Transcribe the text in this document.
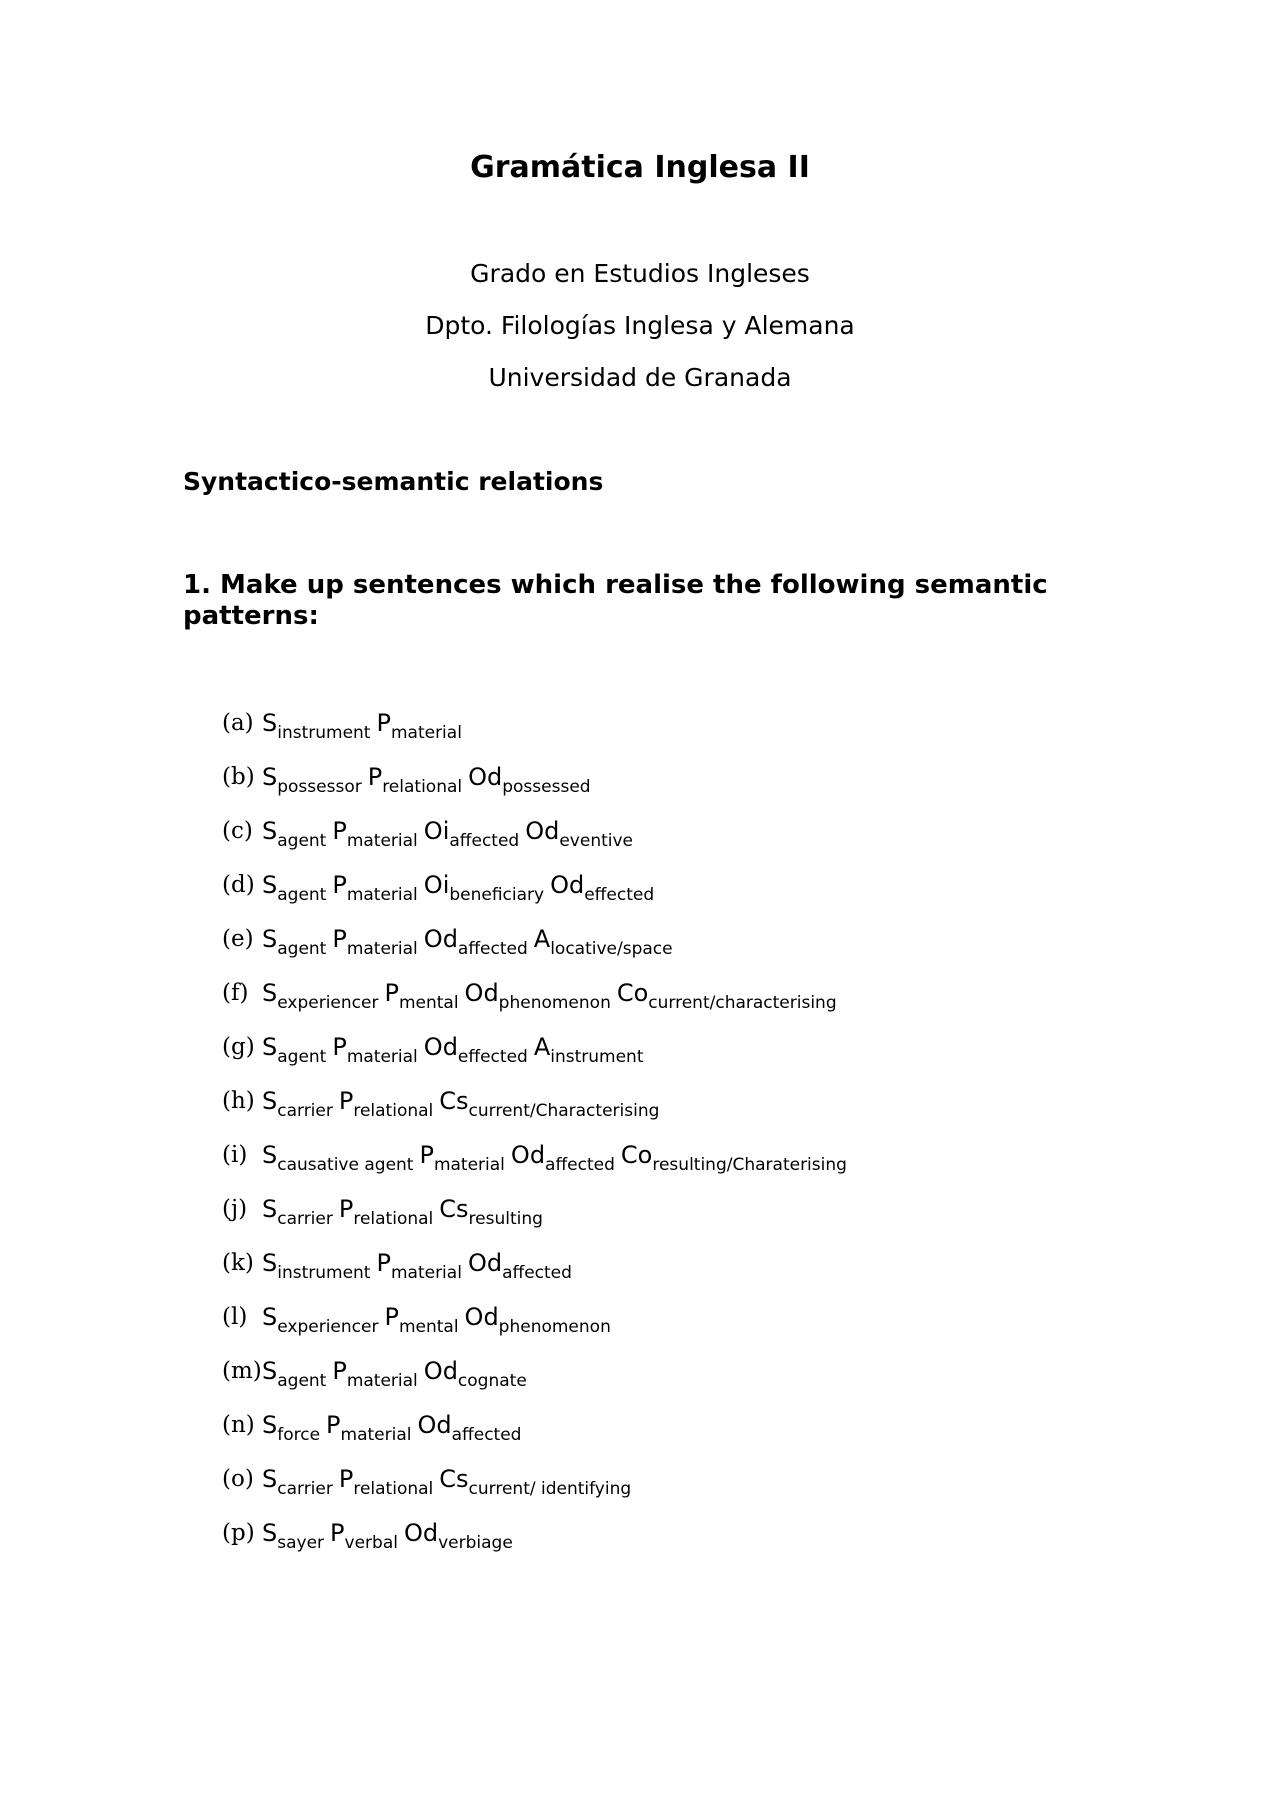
Gramática Inglesa II
Grado en Estudios Ingleses
Dpto. Filologías Inglesa y Alemana
Universidad de Granada
Syntactico-semantic relations
1. Make up sentences which realise the following semantic patterns:
(a) $S_{instrument}$ $P_{material}$
(b) $S_{possessor}$ $P_{relational}$ $Od_{possessed}$
(c) $S_{agent}$ $P_{material}$ $Oi_{affected}$ $Od_{eventive}$
(d) $S_{agent}$ $P_{material}$ $Oi_{beneficiary}$ $Od_{effected}$
(e) $S_{agent}$ $P_{material}$ $Od_{affected}$ $A_{locative/space}$
(f) $S_{experiencer}$ $P_{mental}$ $Od_{phenomenon}$ $Co_{current/characterising}$
(g) $S_{agent}$ $P_{material}$ $Od_{effected}$ $A_{instrument}$
(h) $S_{carrier}$ $P_{relational}$ $Cs_{current/Characterising}$
(i) $S_{causative agent}$ $P_{material}$ $Od_{affected}$ $Co_{resulting/Charaterising}$
(j) $S_{carrier}$ $P_{relational}$ $Cs_{resulting}$
(k) $S_{instrument}$ $P_{material}$ $Od_{affected}$
(l) $S_{experiencer}$ $P_{mental}$ $Od_{phenomenon}$
(m) $S_{agent}$ $P_{material}$ $Od_{cognate}$
(n) $S_{force}$ $P_{material}$ $Od_{affected}$
(o) $S_{carrier}$ $P_{relational}$ $Cs_{current/ identifying}$
(p) $S_{sayer}$ $P_{verbal}$ $Od_{verbiage}$
